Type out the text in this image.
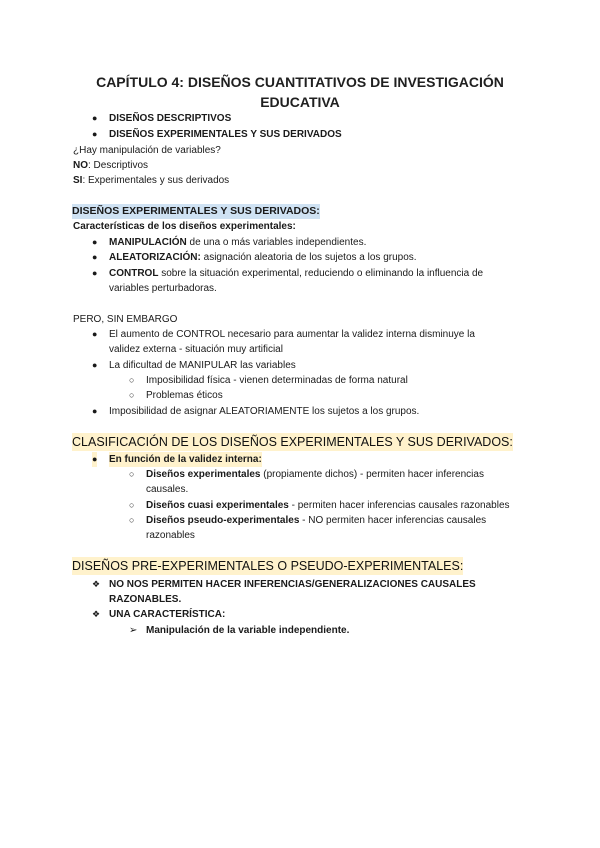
CAPÍTULO 4: DISEÑOS CUANTITATIVOS DE INVESTIGACIÓN
EDUCATIVA
● DISEÑOS DESCRIPTIVOS
● DISEÑOS EXPERIMENTALES Y SUS DERIVADOS
¿Hay manipulación de variables?
NO: Descriptivos
SI: Experimentales y sus derivados
DISEÑOS EXPERIMENTALES Y SUS DERIVADOS:
Características de los diseños experimentales:
● MANIPULACIÓN de una o más variables independientes.
● ALEATORIZACIÓN: asignación aleatoria de los sujetos a los grupos.
● CONTROL sobre la situación experimental, reduciendo o eliminando la influencia de
variables perturbadoras.
PERO, SIN EMBARGO
● El aumento de CONTROL necesario para aumentar la validez interna disminuye la
validez externa - situación muy artificial
● La dificultad de MANIPULAR las variables
○ Imposibilidad física - vienen determinadas de forma natural
○ Problemas éticos
● Imposibilidad de asignar ALEATORIAMENTE los sujetos a los grupos.
CLASIFICACIÓN DE LOS DISEÑOS EXPERIMENTALES Y SUS DERIVADOS:
● En función de la validez interna:
○ Diseños experimentales (propiamente dichos) - permiten hacer inferencias
causales.
○ Diseños cuasi experimentales - permiten hacer inferencias causales razonables
○ Diseños pseudo-experimentales - NO permiten hacer inferencias causales
razonables
DISEÑOS PRE-EXPERIMENTALES O PSEUDO-EXPERIMENTALES:
❖ NO NOS PERMITEN HACER INFERENCIAS/GENERALIZACIONES CAUSALES
RAZONABLES.
❖ UNA CARACTERÍSTICA:
➢ Manipulación de la variable independiente.
